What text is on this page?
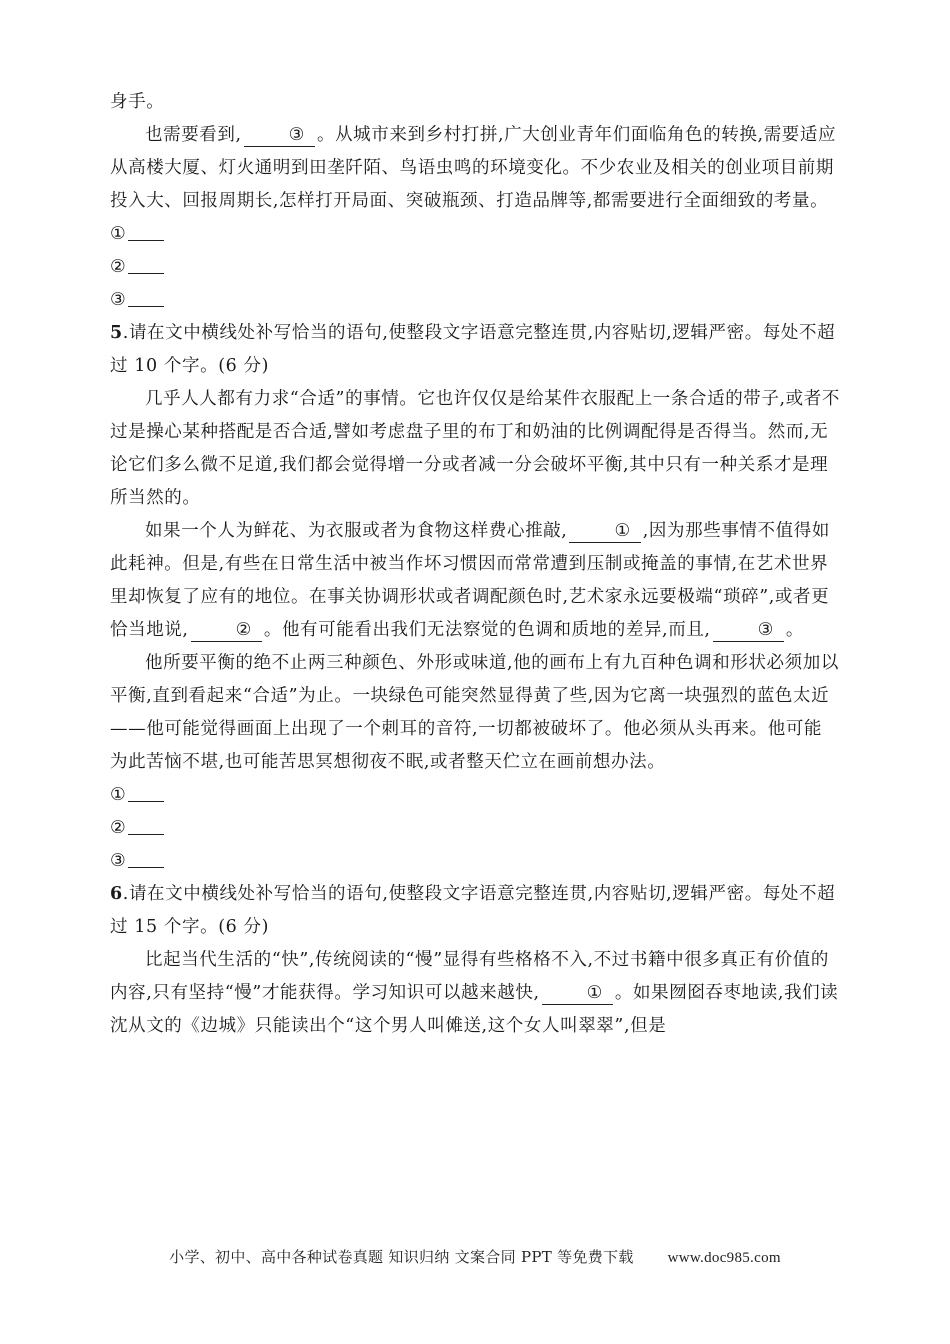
身手。

也需要看到,	③ 。从城市来到乡村打拼,广大创业青年们面临角色的转换,需要适应从高楼大厦、灯火通明到田垄阡陌、鸟语虫鸣的环境变化。不少农业及相关的创业项目前期投入大、回报周期长,怎样打开局面、突破瓶颈、打造品牌等,都需要进行全面细致的考量。

①
②
③

5.请在文中横线处补写恰当的语句,使整段文字语意完整连贯,内容贴切,逻辑严密。每处不超过 10 个字。(6 分)

几乎人人都有力求“合适”的事情。它也许仅仅是给某件衣服配上一条合适的带子,或者不过是操心某种搭配是否合适,譬如考虑盘子里的布丁和奶油的比例调配得是否得当。然而,无论它们多么微不足道,我们都会觉得增一分或者减一分会破坏平衡,其中只有一种关系才是理所当然的。

如果一个人为鲜花、为衣服或者为食物这样费心推敲,	① ,因为那些事情不值得如此耗神。但是,有些在日常生活中被当作坏习惯因而常常遭到压制或掩盖的事情,在艺术世界里却恢复了应有的地位。在事关协调形状或者调配颜色时,艺术家永远要极端“琐碎”,或者更恰当地说,	② 。他有可能看出我们无法察觉的色调和质地的差异,而且,	③ 。

他所要平衡的绝不止两三种颜色、外形或味道,他的画布上有九百种色调和形状必须加以平衡,直到看起来“合适”为止。一块绿色可能突然显得黄了些,因为它离一块强烈的蓝色太近——他可能觉得画面上出现了一个刺耳的音符,一切都被破坏了。他必须从头再来。他可能为此苦恼不堪,也可能苦思冥想彻夜不眠,或者整天伫立在画前想办法。

①
②
③

6.请在文中横线处补写恰当的语句,使整段文字语意完整连贯,内容贴切,逻辑严密。每处不超过 15 个字。(6 分)

比起当代生活的“快”,传统阅读的“慢”显得有些格格不入,不过书籍中很多真正有价值的内容,只有坚持“慢”才能获得。学习知识可以越来越快,	① 。如果囫囵吞枣地读,我们读沈从文的《边城》只能读出个“这个男人叫傩送,这个女人叫翠翠”,但是

小学、初中、高中各种试卷真题 知识归纳 文案合同 PPT 等免费下载 www.doc985.com
